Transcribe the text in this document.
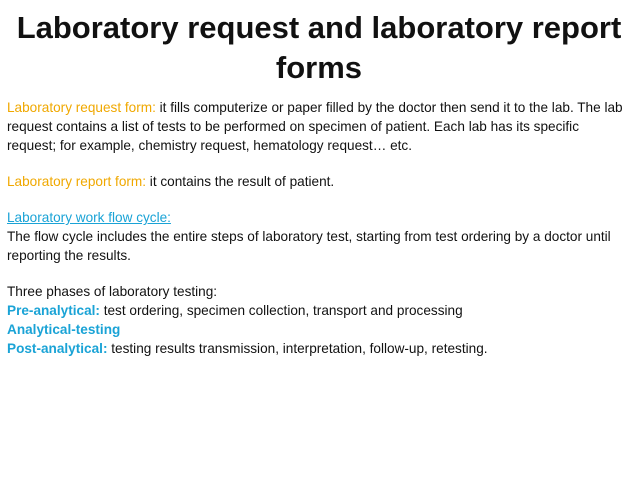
Laboratory request and laboratory report forms

Laboratory request form: it fills computerize or paper filled by the doctor then send it to the lab. The lab request contains a list of tests to be performed on specimen of patient. Each lab has its specific request; for example, chemistry request, hematology request… etc.

Laboratory report form: it contains the result of patient.

Laboratory work flow cycle:

The flow cycle includes the entire steps of laboratory test, starting from test ordering by a doctor until reporting the results.

Three phases of laboratory testing:

Pre-analytical: test ordering, specimen collection, transport and processing

Analytical-testing

Post-analytical: testing results transmission, interpretation, follow-up, retesting.
